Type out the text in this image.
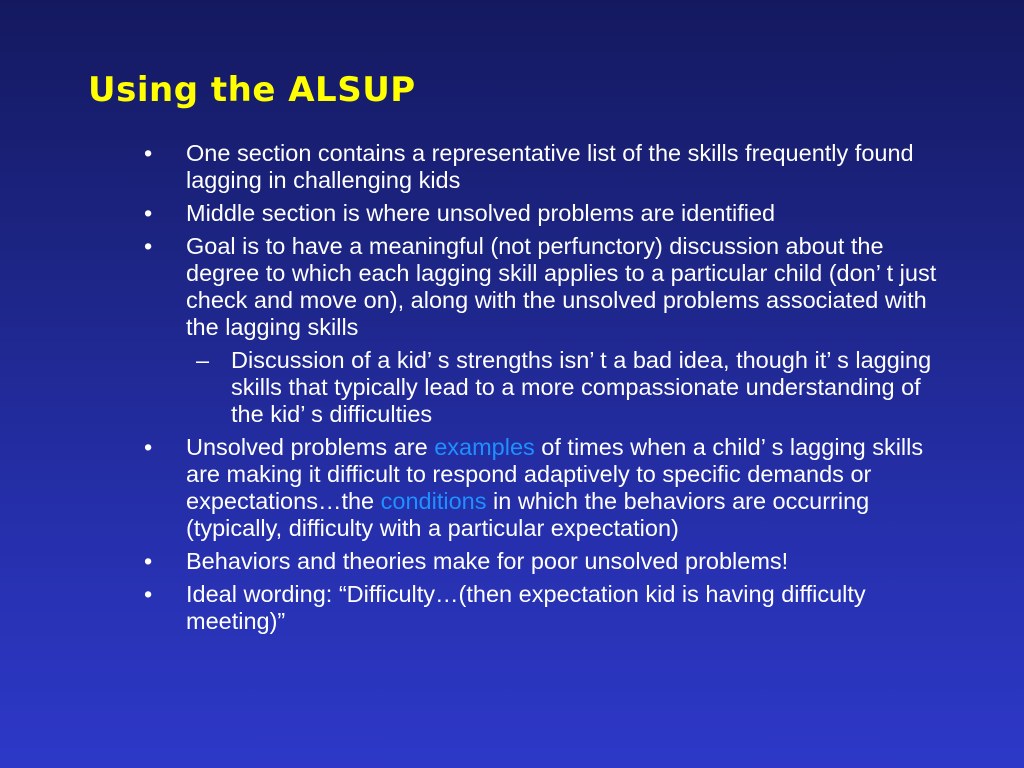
Using the ALSUP
•	One section contains a representative list of the skills frequently found lagging in challenging kids
•	Middle section is where unsolved problems are identified
•	Goal is to have a meaningful (not perfunctory) discussion about the degree to which each lagging skill applies to a particular child (don’ t just check and move on), along with the unsolved problems associated with the lagging skills
– Discussion of a kid’ s strengths isn’ t a bad idea, though it’ s lagging skills that typically lead to a more compassionate understanding of the kid’ s difficulties
•	Unsolved problems are examples of times when a child’ s lagging skills are making it difficult to respond adaptively to specific demands or expectations…the conditions in which the behaviors are occurring (typically, difficulty with a particular expectation)
•	Behaviors and theories make for poor unsolved problems!
•	Ideal wording: “Difficulty…(then expectation kid is having difficulty meeting)”
